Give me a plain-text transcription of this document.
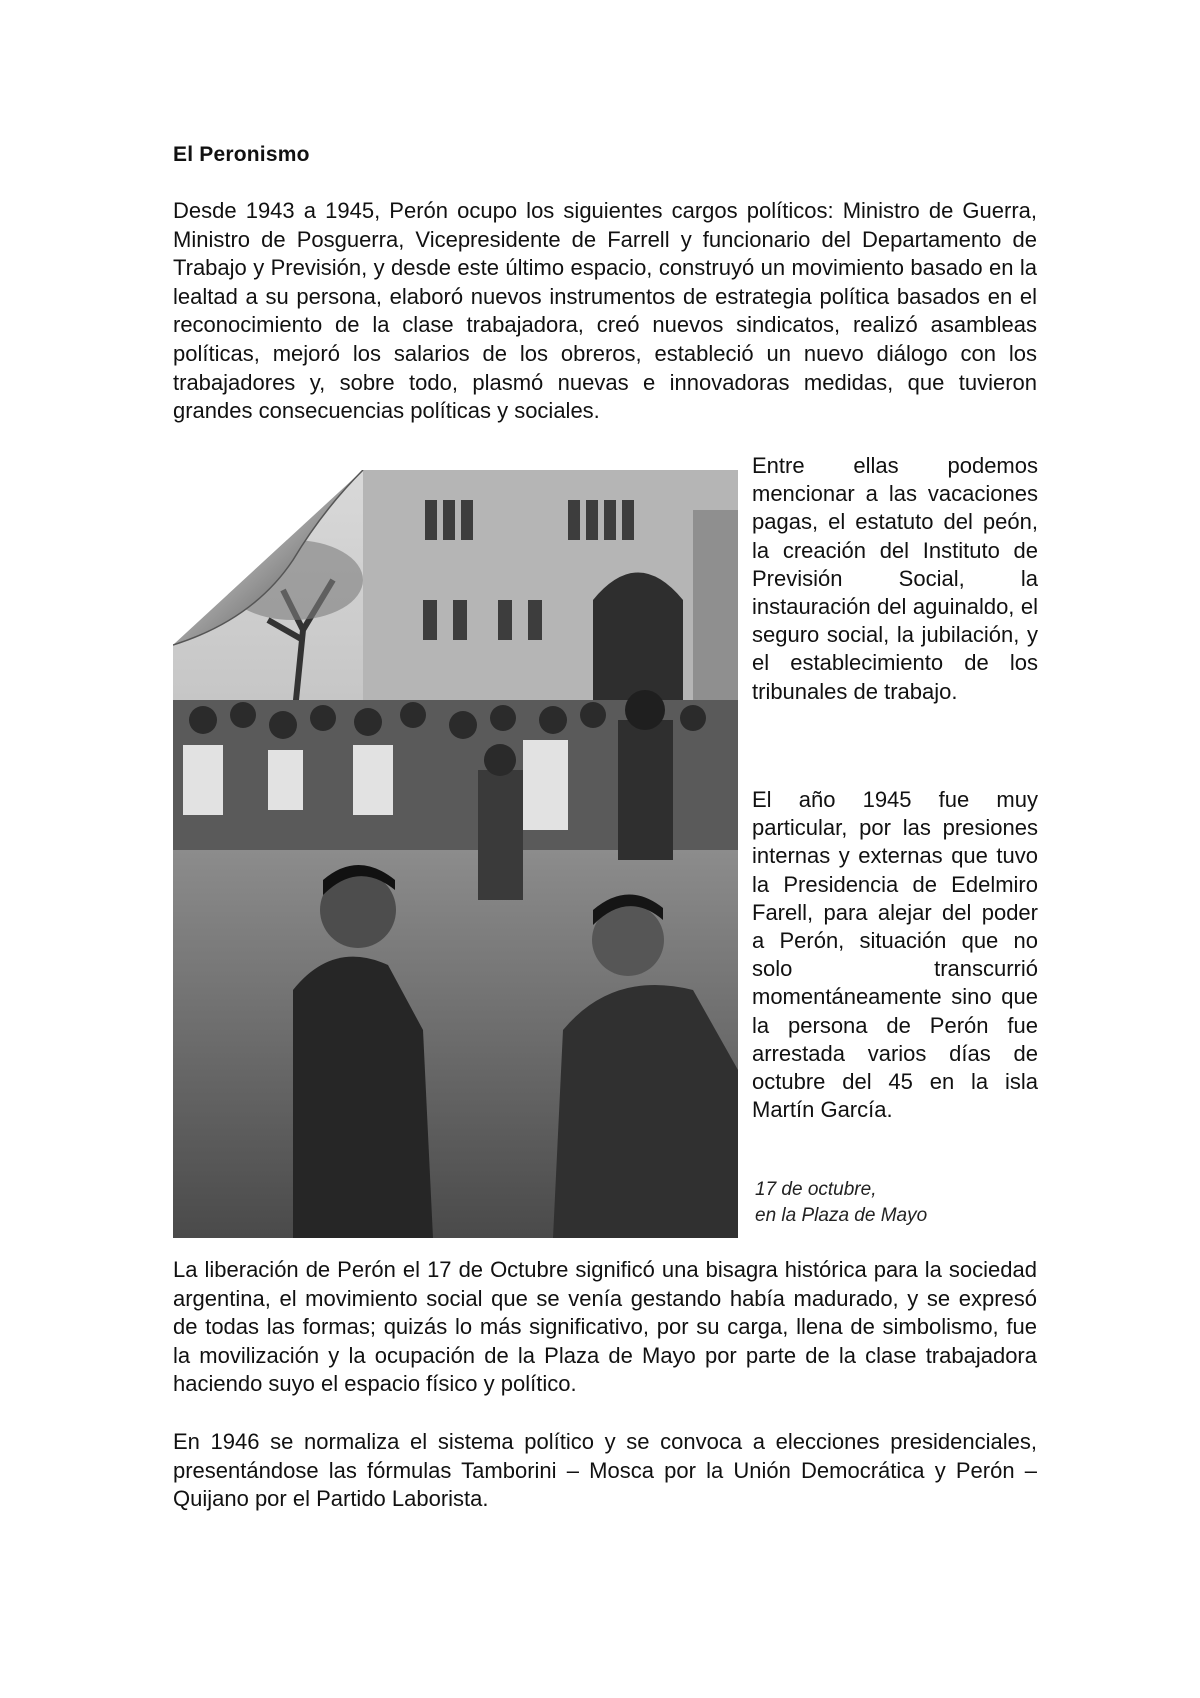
El Peronismo
Desde 1943 a 1945, Perón ocupo los siguientes cargos políticos: Ministro de Guerra, Ministro de Posguerra, Vicepresidente de Farrell y funcionario del Departamento de Trabajo y Previsión, y desde este último espacio, construyó un movimiento basado en la lealtad a su persona, elaboró nuevos instrumentos de estrategia política basados en el reconocimiento de la clase trabajadora, creó nuevos sindicatos, realizó asambleas políticas, mejoró los salarios de los obreros, estableció un nuevo diálogo con los trabajadores y, sobre todo, plasmó nuevas e innovadoras medidas, que tuvieron grandes consecuencias políticas y sociales.
Entre ellas podemos mencionar a las vacaciones pagas, el estatuto del peón, la creación del Instituto de Previsión Social, la instauración del aguinaldo, el seguro social, la jubilación, y el establecimiento de los tribunales de trabajo.
El año 1945 fue muy particular, por las presiones internas y externas que tuvo la Presidencia de Edelmiro Farell, para alejar del poder a Perón, situación que no solo transcurrió momentáneamente sino que la persona de Perón fue arrestada varios días de octubre del 45 en la isla Martín García.
17 de octubre,
en la Plaza de Mayo
La liberación de Perón el 17 de Octubre significó una bisagra histórica para la sociedad argentina, el movimiento social que se venía gestando había madurado, y se expresó de todas las formas; quizás lo más significativo, por su carga, llena de simbolismo, fue la movilización y la ocupación de la Plaza de Mayo por parte de la clase trabajadora haciendo suyo el espacio físico y político.
En 1946 se normaliza el sistema político y se convoca a elecciones presidenciales, presentándose las fórmulas Tamborini – Mosca por la Unión Democrática y Perón – Quijano por el Partido Laborista.
